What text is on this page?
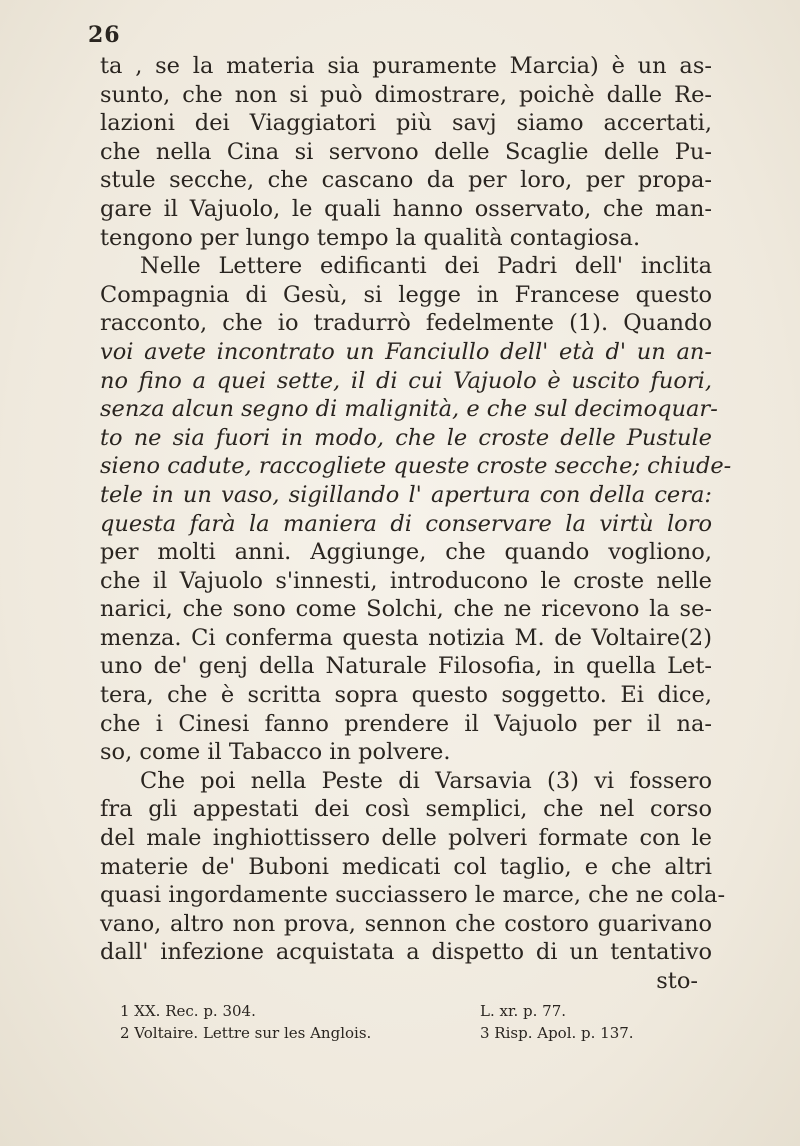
26
ta , se la materia sia puramente Marcia) è un as-
sunto, che non si può dimostrare, poichè dalle Re-
lazioni dei Viaggiatori più savj siamo accertati,
che nella Cina si servono delle Scaglie delle Pu-
stule secche, che cascano da per loro, per propa-
gare il Vajuolo, le quali hanno osservato, che man-
tengono per lungo tempo la qualità contagiosa.
Nelle Lettere edificanti dei Padri dell' inclita
Compagnia di Gesù, si legge in Francese questo
racconto, che io tradurrò fedelmente (1). Quando
voi avete incontrato un Fanciullo dell' età d' un an-
no fino a quei sette, il di cui Vajuolo è uscito fuori,
senza alcun segno di malignità, e che sul decimoquar-
to ne sia fuori in modo, che le croste delle Pustule
sieno cadute, raccogliete queste croste secche; chiude-
tele in un vaso, sigillando l' apertura con della cera:
questa farà la maniera di conservare la virtù loro
per molti anni. Aggiunge, che quando vogliono,
che il Vajuolo s'innesti, introducono le croste nelle
narici, che sono come Solchi, che ne ricevono la se-
menza. Ci conferma questa notizia M. de Voltaire(2)
uno de' genj della Naturale Filosofia, in quella Let-
tera, che è scritta sopra questo soggetto. Ei dice,
che i Cinesi fanno prendere il Vajuolo per il na-
so, come il Tabacco in polvere.
Che poi nella Peste di Varsavia (3) vi fossero
fra gli appestati dei così semplici, che nel corso
del male inghiottissero delle polveri formate con le
materie de' Buboni medicati col taglio, e che altri
quasi ingordamente succiassero le marce, che ne cola-
vano, altro non prova, sennon che costoro guarivano
dall' infezione acquistata a dispetto di un tentativo
sto-
1 XX. Rec. p. 304.	L. xr. p. 77.
2 Voltaire. Lettre sur les Anglois.	3 Risp. Apol. p. 137.
